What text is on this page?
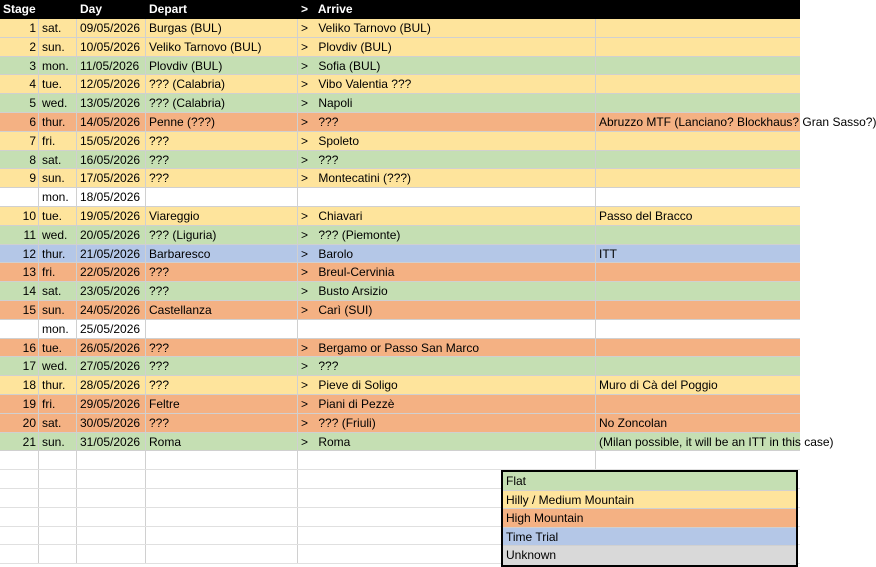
Stage	Day	Depart	> Arrive
1 sat.	09/05/2026 Burgas (BUL)	> Veliko Tarnovo (BUL)
2 sun.	10/05/2026 Veliko Tarnovo (BUL)	> Plovdiv (BUL)
3 mon. 11/05/2026 Plovdiv (BUL)	> Sofia (BUL)
4 tue.	12/05/2026 ??? (Calabria)	> Vibo Valentia ???
5 wed.	13/05/2026 ??? (Calabria)	> Napoli
6 thur.	14/05/2026 Penne (???)	> ???	Abruzzo MTF (Lanciano? Blockhaus? Gran Sasso?)
7 fri.	15/05/2026 ???	> Spoleto
8 sat.	16/05/2026 ???	> ???
9 sun.	17/05/2026 ???	> Montecatini (???)
mon. 18/05/2026
10 tue.	19/05/2026 Viareggio	> Chiavari	Passo del Bracco
11 wed.	20/05/2026 ??? (Liguria)	> ??? (Piemonte)
12 thur.	21/05/2026 Barbaresco	> Barolo	ITT
13 fri.	22/05/2026 ???	> Breul-Cervinia
14 sat.	23/05/2026 ???	> Busto Arsizio
15 sun.	24/05/2026 Castellanza	> Carì (SUI)
mon. 25/05/2026
16 tue.	26/05/2026 ???	> Bergamo or Passo San Marco
17 wed.	27/05/2026 ???	> ???
18 thur.	28/05/2026 ???	> Pieve di Soligo	Muro di Cà del Poggio
19 fri.	29/05/2026 Feltre	> Piani di Pezzè
20 sat.	30/05/2026 ???	> ??? (Friuli)	No Zoncolan
21 sun.	31/05/2026 Roma	> Roma	(Milan possible, it will be an ITT in this case)
Flat
Hilly / Medium Mountain
High Mountain
Time Trial
Unknown
